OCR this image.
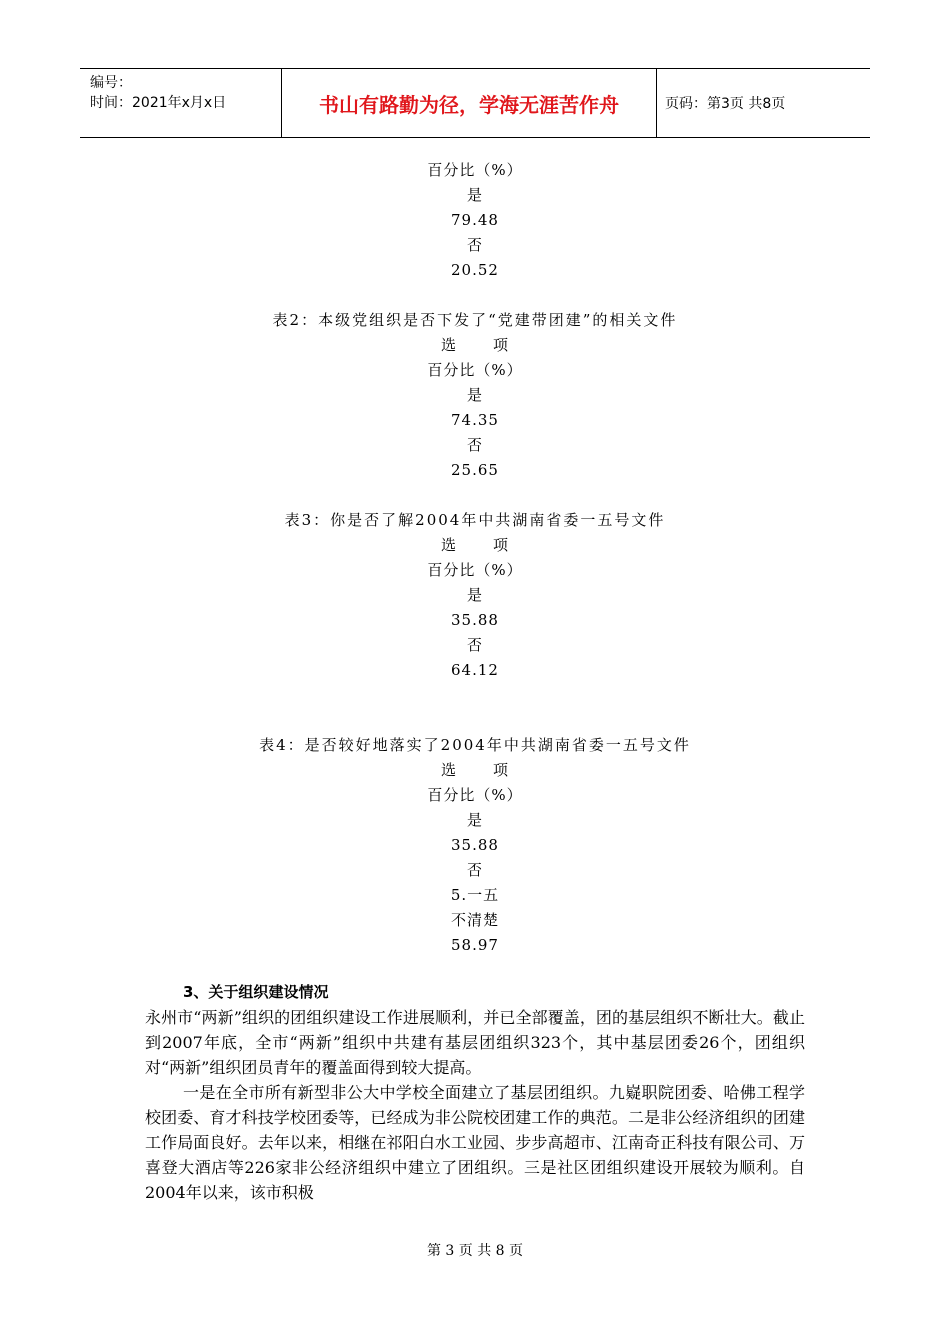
编号：
时间：2021年x月x日	书山有路勤为径，学海无涯苦作舟	页码：第3页 共8页
百分比（%）
是
79.48
否
20.52
表2：本级党组织是否下发了“党建带团建”的相关文件
选 项
百分比（%）
是
74.35
否
25.65
表3：你是否了解2004年中共湖南省委一五号文件
选 项
百分比（%）
是
35.88
否
64.12
表4：是否较好地落实了2004年中共湖南省委一五号文件
选 项
百分比（%）
是
35.88
否
5.一五
不清楚
58.97

3、关于组织建设情况

永州市“两新”组织的团组织建设工作进展顺利，并已全部覆盖，团的基层组织不断壮大。截止到2007年底，全市“两新”组织中共建有基层团组织323个，其中基层团委26个，团组织对“两新”组织团员青年的覆盖面得到较大提高。

一是在全市所有新型非公大中学校全面建立了基层团组织。九嶷职院团委、哈佛工程学校团委、育才科技学校团委等，已经成为非公院校团建工作的典范。二是非公经济组织的团建工作局面良好。去年以来，相继在祁阳白水工业园、步步高超市、江南奇正科技有限公司、万喜登大酒店等226家非公经济组织中建立了团组织。三是社区团组织建设开展较为顺利。自2004年以来，该市积极

第 3 页 共 8 页
